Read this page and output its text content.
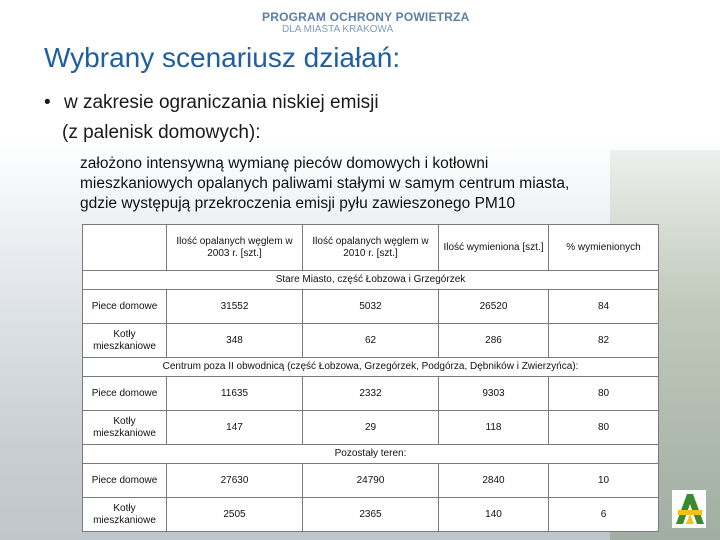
PROGRAM OCHRONY POWIETRZA
DLA MIASTA KRAKOWA
Wybrany scenariusz działań:
• w zakresie ograniczania niskiej emisji
(z palenisk domowych):
założono intensywną wymianę pieców domowych i kotłowni
mieszkaniowych opalanych paliwami stałymi w samym centrum miasta,
gdzie występują przekroczenia emisji pyłu zawieszonego PM10
	Ilość opalanych węglem w 2003 r. [szt.]	Ilość opalanych węglem w 2010 r. [szt.]	Ilość wymieniona [szt.]	% wymienionych
Stare Miasto, część Łobzowa i Grzegórzek				
Piece domowe	31552	5032	26520	84
Kotły mieszkaniowe	348	62	286	82
Centrum poza II obwodnicą (część Łobzowa, Grzegórzek, Podgórza, Dębników i Zwierzyńca):				
Piece domowe	11635	2332	9303	80
Kotły mieszkaniowe	147	29	118	80
Pozostały teren:				
Piece domowe	27630	24790	2840	10
Kotły mieszkaniowe	2505	2365	140	6
